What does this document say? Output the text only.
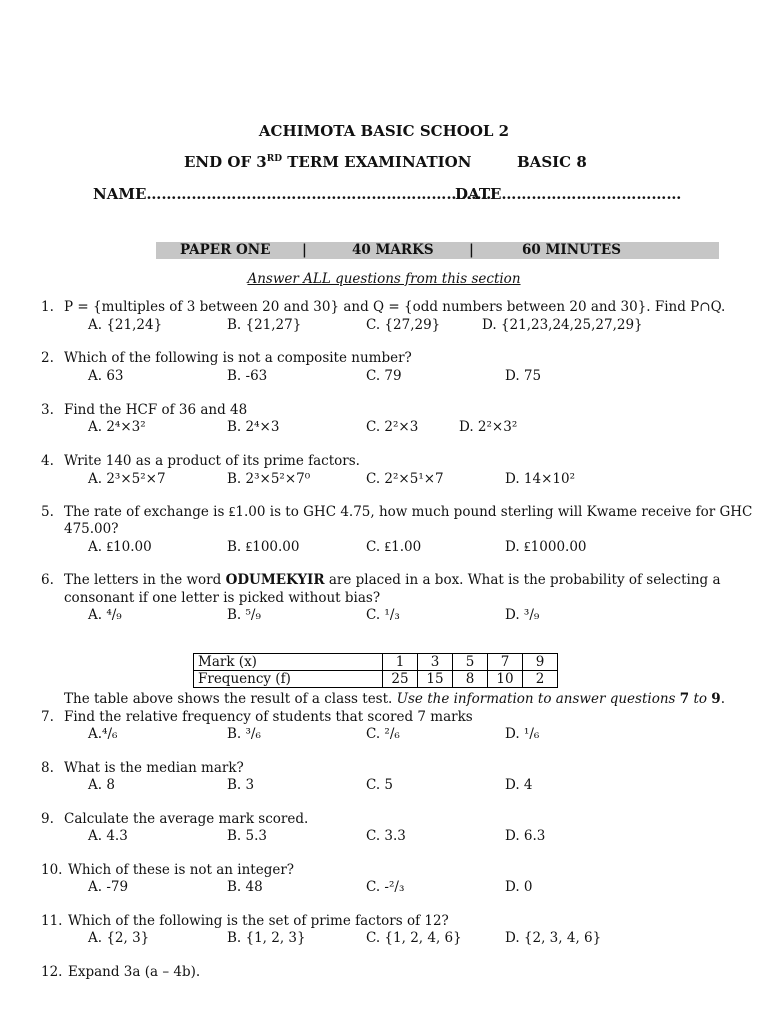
ACHIMOTA BASIC SCHOOL 2
END OF 3RD TERM EXAMINATION	BASIC 8
NAME……………………………………………………………
DATE………………………………
PAPER ONE |	40 MARKS	|	60 MINUTES
Answer ALL questions from this section
1. P = {multiples of 3 between 20 and 30} and Q = {odd numbers between 20 and 30}. Find P∩Q.
A. {21,24}	B. {21,27}	C. {27,29}	D. {21,23,24,25,27,29}
2. Which of the following is not a composite number?
A. 63	B. -63	C. 79	D. 75
3. Find the HCF of 36 and 48
A. 2⁴×3²	B. 2⁴×3	C. 2²×3	D. 2²×3²
4. Write 140 as a product of its prime factors.
A. 2³×5²×7	B. 2³×5²×7⁰	C. 2²×5¹×7	D. 14×10²
5. The rate of exchange is ₤1.00 is to GHC 4.75, how much pound sterling will Kwame receive for GHC
475.00?
A. ₤10.00	B. ₤100.00	C. ₤1.00	D. ₤1000.00
6. The letters in the word ODUMEKYIR are placed in a box. What is the probability of selecting a
consonant if one letter is picked without bias?
A. ⁴/₉	B. ⁵/₉	C. ¹/₃	D. ³/₉
Mark (x)	1	3	5	7	9
Frequency (f)	25	15	8	10	2
The table above shows the result of a class test. Use the information to answer questions 7 to 9.
7. Find the relative frequency of students that scored 7 marks
A.⁴/₆	B. ³/₆	C. ²/₆	D. ¹/₆
8. What is the median mark?
A. 8	B. 3	C. 5	D. 4
9. Calculate the average mark scored.
A. 4.3	B. 5.3	C. 3.3	D. 6.3
10. Which of these is not an integer?
A. -79	B. 48	C. -²/₃	D. 0
11. Which of the following is the set of prime factors of 12?
A. {2, 3}	B. {1, 2, 3}	C. {1, 2, 4, 6}	D. {2, 3, 4, 6}
12. Expand 3a (a – 4b).
